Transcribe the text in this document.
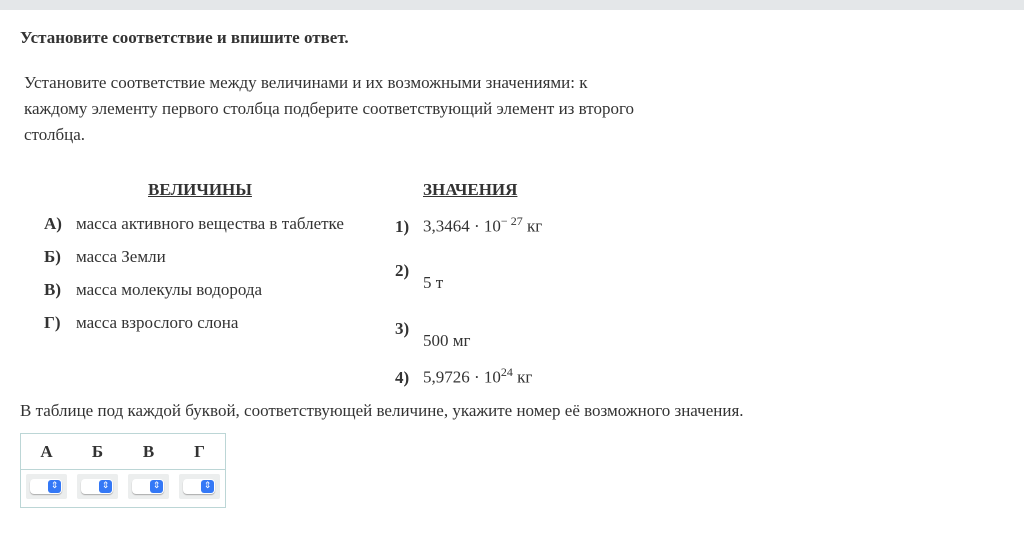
Установите соответствие и впишите ответ.
Установите соответствие между величинами и их возможными значениями: к каждому элементу первого столбца подберите соответствующий элемент из второго столбца.
ВЕЛИЧИНЫ	ЗНАЧЕНИЯ
А) масса активного вещества в таблетке
Б) масса Земли
В) масса молекулы водорода
Г) масса взрослого слона
1) $3,3464 \cdot 10^{- 27}$ кг
2)
5 т
3)
500 мг
4) $5,9726 \cdot 10^{24}$ кг
В таблице под каждой буквой, соответствующей величине, укажите номер её возможного значения.
А	Б	В	Г

⇕	⇕	⇕	⇕
